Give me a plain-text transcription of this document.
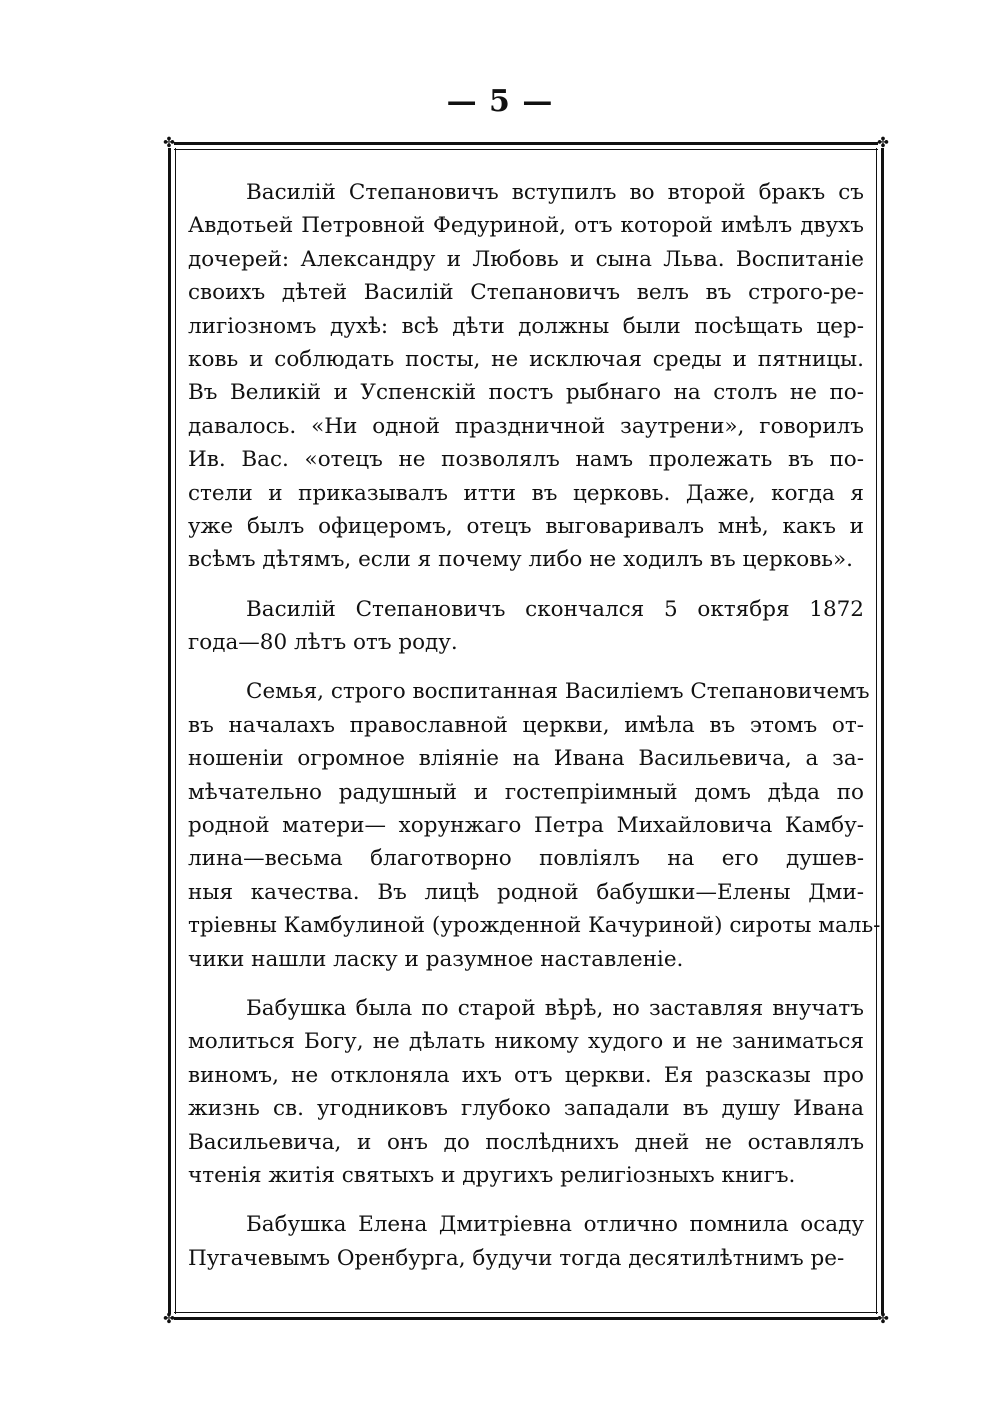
— 5 —
✤	✤
✤	✤
Василій Степановичъ вступилъ во второй бракъ съ
Авдотьей Петровной Федуриной, отъ которой имѣлъ двухъ
дочерей: Александру и Любовь и сына Льва. Воспитаніе
своихъ дѣтей Василій Степановичъ велъ въ строго-ре-
лигіозномъ духѣ: всѣ дѣти должны были посѣщать цер-
ковь и соблюдать посты, не исключая среды и пятницы.
Въ Великій и Успенскій постъ рыбнаго на столъ не по-
давалось. «Ни одной праздничной заутрени», говорилъ
Ив. Вас. «отецъ не позволялъ намъ пролежать въ по-
стели и приказывалъ итти въ церковь. Даже, когда я
уже былъ офицеромъ, отецъ выговаривалъ мнѣ, какъ и
всѣмъ дѣтямъ, если я почему либо не ходилъ въ церковь».
Василій Степановичъ скончался 5 октября 1872
года—80 лѣтъ отъ роду.
Семья, строго воспитанная Василіемъ Степановичемъ
въ началахъ православной церкви, имѣла въ этомъ от-
ношеніи огромное вліяніе на Ивана Васильевича, а за-
мѣчательно радушный и гостепріимный домъ дѣда по
родной матери— хорунжаго Петра Михайловича Камбу-
лина—весьма благотворно повліялъ на его душев-
ныя качества. Въ лицѣ родной бабушки—Елены Дми-
тріевны Камбулиной (урожденной Качуриной) сироты маль-
чики нашли ласку и разумное наставленіе.
Бабушка была по старой вѣрѣ, но заставляя внучатъ
молиться Богу, не дѣлать никому худого и не заниматься
виномъ, не отклоняла ихъ отъ церкви. Ея разсказы про
жизнь св. угодниковъ глубоко западали въ душу Ивана
Васильевича, и онъ до послѣднихъ дней не оставлялъ
чтенія житія святыхъ и другихъ религіозныхъ книгъ.
Бабушка Елена Дмитріевна отлично помнила осаду
Пугачевымъ Оренбурга, будучи тогда десятилѣтнимъ ре-
